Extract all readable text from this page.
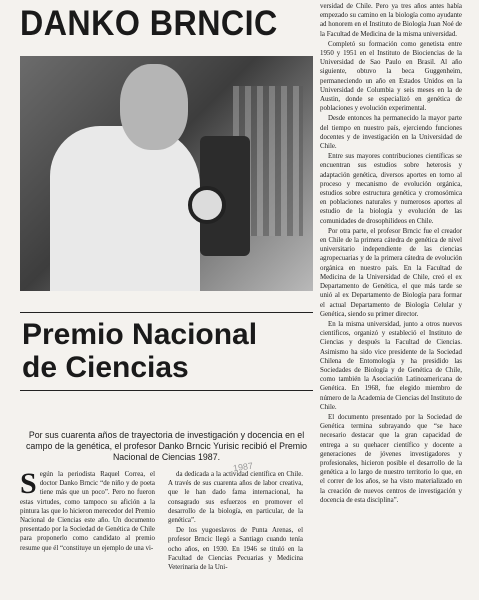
DANKO BRNCIC
Premio Nacional
de Ciencias
Por sus cuarenta años de trayectoria de investigación y docencia en el campo de la genética, el profesor Danko Brncic Yurisic recibió el Premio Nacional de Ciencias 1987.
1987
S egún la periodista Raquel Correa, el doctor Danko Brncic “de niño y de poeta tiene más que un poco”. Pero no fueron estas virtudes, como tampoco su afición a la pintura las que lo hicieron merecedor del Premio Nacional de Ciencias este año. Un documento presentado por la Sociedad de Genética de Chile para proponerlo como candidato al premio resume que él “constituye un ejemplo de una vi-

da dedicada a la actividad científica en Chile. A través de sus cuarenta años de labor creativa, que le han dado fama internacional, ha consagrado sus esfuerzos en promover el desarrollo de la biología, en particular, de la genética”.

De los yugoeslavos de Punta Arenas, el profesor Brncic llegó a Santiago cuando tenía ocho años, en 1930. En 1946 se tituló en la Facultad de Ciencias Pecuarias y Medicina Veterinaria de la Uni-

versidad de Chile. Pero ya tres años antes había empezado su camino en la biología como ayudante ad honorem en el Instituto de Biología Juan Noé de la Facultad de Medicina de la misma universidad.

Completó su formación como genetista entre 1950 y 1951 en el Instituto de Biociencias de la Universidad de Sao Paulo en Brasil. Al año siguiente, obtuvo la beca Guggenheim, permaneciendo un año en Estados Unidos en la Universidad de Columbia y seis meses en la de Austin, donde se especializó en genética de poblaciones y evolución experimental.

Desde entonces ha permanecido la mayor parte del tiempo en nuestro país, ejerciendo funciones docentes y de investigación en la Universidad de Chile.

Entre sus mayores contribuciones científicas se encuentran sus estudios sobre heterosis y adaptación genética, diversos aportes en torno al proceso y mecanismo de evolución orgánica, estudios sobre estructura genética y cromosómica en poblaciones naturales y numerosos aportes al estudio de la biología y evolución de las comunidades de drosophilideos en Chile.

Por otra parte, el profesor Brncic fue el creador en Chile de la primera cátedra de genética de nivel universitario independiente de las ciencias agropecuarias y de la primera cátedra de evolución orgánica en nuestro país. En la Facultad de Medicina de la Universidad de Chile, creó el ex Departamento de Genética, el que más tarde se unió al ex Departamento de Biología para formar el actual Departamento de Biología Celular y Genética, siendo su primer director.

En la misma universidad, junto a otros nuevos científicos, organizó y estableció el Instituto de Ciencias y después la Facultad de Ciencias. Asimismo ha sido vice presidente de la Sociedad Chilena de Entomología y ha presidido las Sociedades de Biología y de Genética de Chile, como también la Asociación Latinoamericana de Genética. En 1968, fue elegido miembro de número de la Academia de Ciencias del Instituto de Chile.

El documento presentado por la Sociedad de Genética termina subrayando que “se hace necesario destacar que la gran capacidad de entrega a su quehacer científico y docente a generaciones de jóvenes investigadores y profesionales, hicieron posible el desarrollo de la genética a lo largo de nuestro territorio lo que, en el correr de los años, se ha visto materializado en la creación de nuevos centros de investigación y docencia de esta disciplina”.
